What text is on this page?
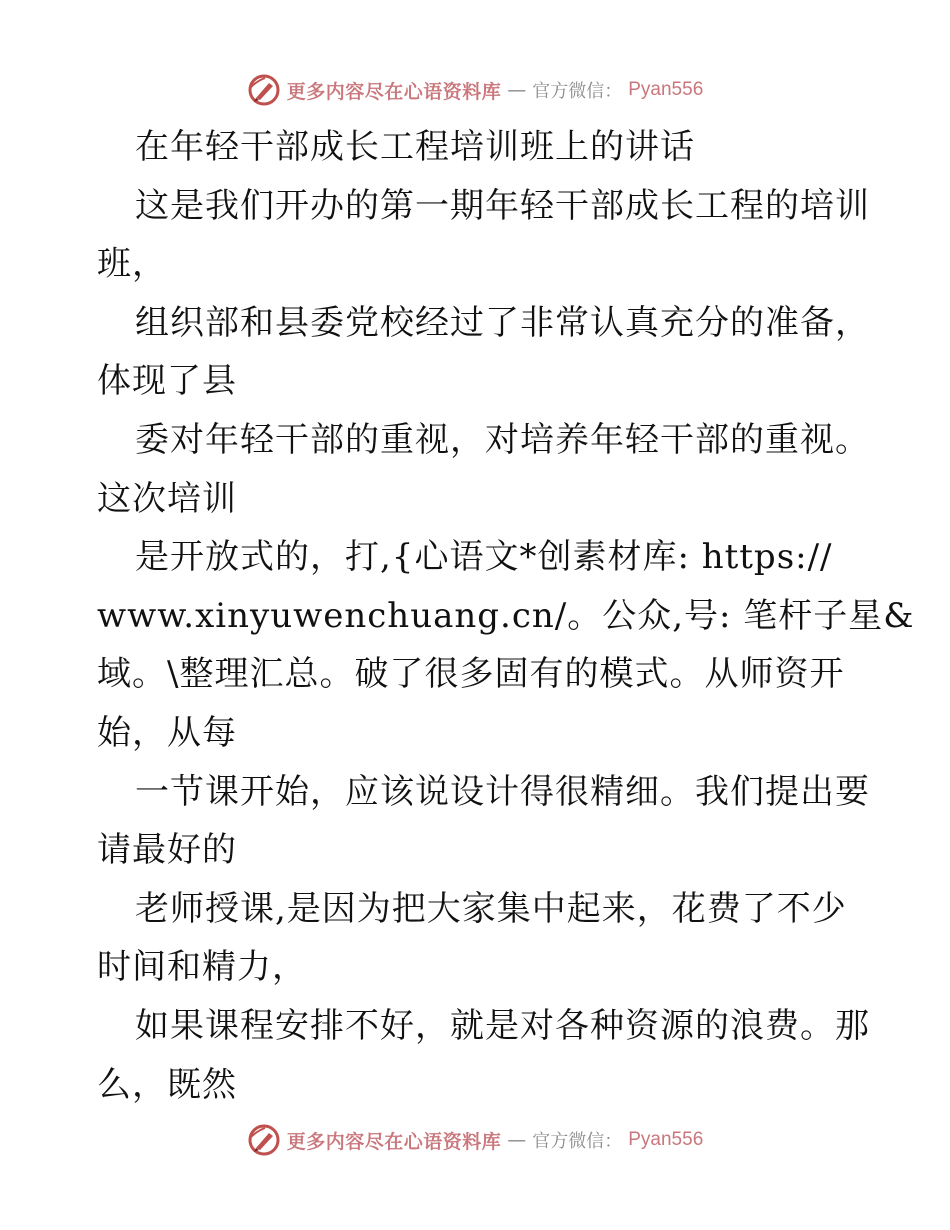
更多内容尽在心语资料库 — 官方微信： Pyan556
在年轻干部成长工程培训班上的讲话
这是我们开办的第一期年轻干部成长工程的培训
班，
组织部和县委党校经过了非常认真充分的准备，
体现了县
委对年轻干部的重视，对培养年轻干部的重视。
这次培训
是开放式的，打,{心语文*创素材库: https://
www.xinyuwenchuang.cn/。公众,号: 笔杆子星&
域。\整理汇总。破了很多固有的模式。从师资开
始，从每
一节课开始，应该说设计得很精细。我们提出要
请最好的
老师授课,是因为把大家集中起来，花费了不少
时间和精力，
如果课程安排不好，就是对各种资源的浪费。那
么，既然
更多内容尽在心语资料库 — 官方微信： Pyan556
